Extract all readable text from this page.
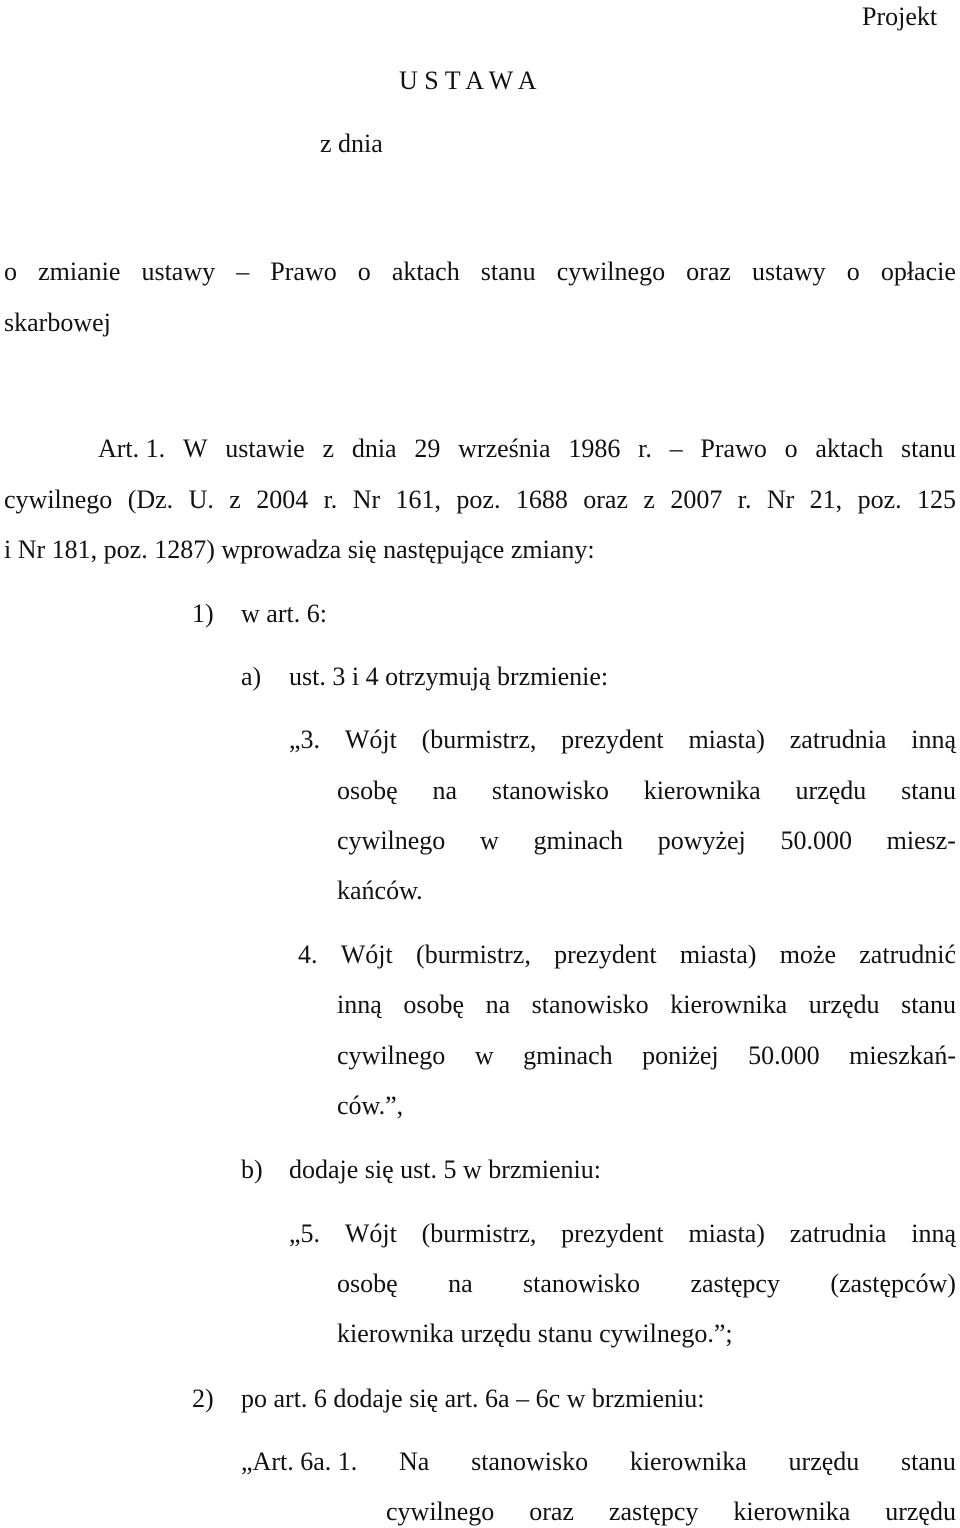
Projekt
U S T A W A
z dnia
o zmianie ustawy – Prawo o aktach stanu cywilnego oraz ustawy o opłacie
skarbowej
Art. 1. W ustawie z dnia 29 września 1986 r. – Prawo o aktach stanu
cywilnego (Dz. U. z 2004 r. Nr 161, poz. 1688 oraz z 2007 r. Nr 21, poz. 125
i Nr 181, poz. 1287) wprowadza się następujące zmiany:
1) w art. 6:
a) ust. 3 i 4 otrzymują brzmienie:
„3. Wójt (burmistrz, prezydent miasta) zatrudnia inną
osobę na stanowisko kierownika urzędu stanu
cywilnego w gminach powyżej 50.000 miesz-
kańców.
4. Wójt (burmistrz, prezydent miasta) może zatrudnić
inną osobę na stanowisko kierownika urzędu stanu
cywilnego w gminach poniżej 50.000 mieszkań-
ców.”,
b) dodaje się ust. 5 w brzmieniu:
„5. Wójt (burmistrz, prezydent miasta) zatrudnia inną
osobę na stanowisko zastępcy (zastępców)
kierownika urzędu stanu cywilnego.”;
2) po art. 6 dodaje się art. 6a – 6c w brzmieniu:
„Art. 6a. 1. Na stanowisko kierownika urzędu stanu
cywilnego oraz zastępcy kierownika urzędu
